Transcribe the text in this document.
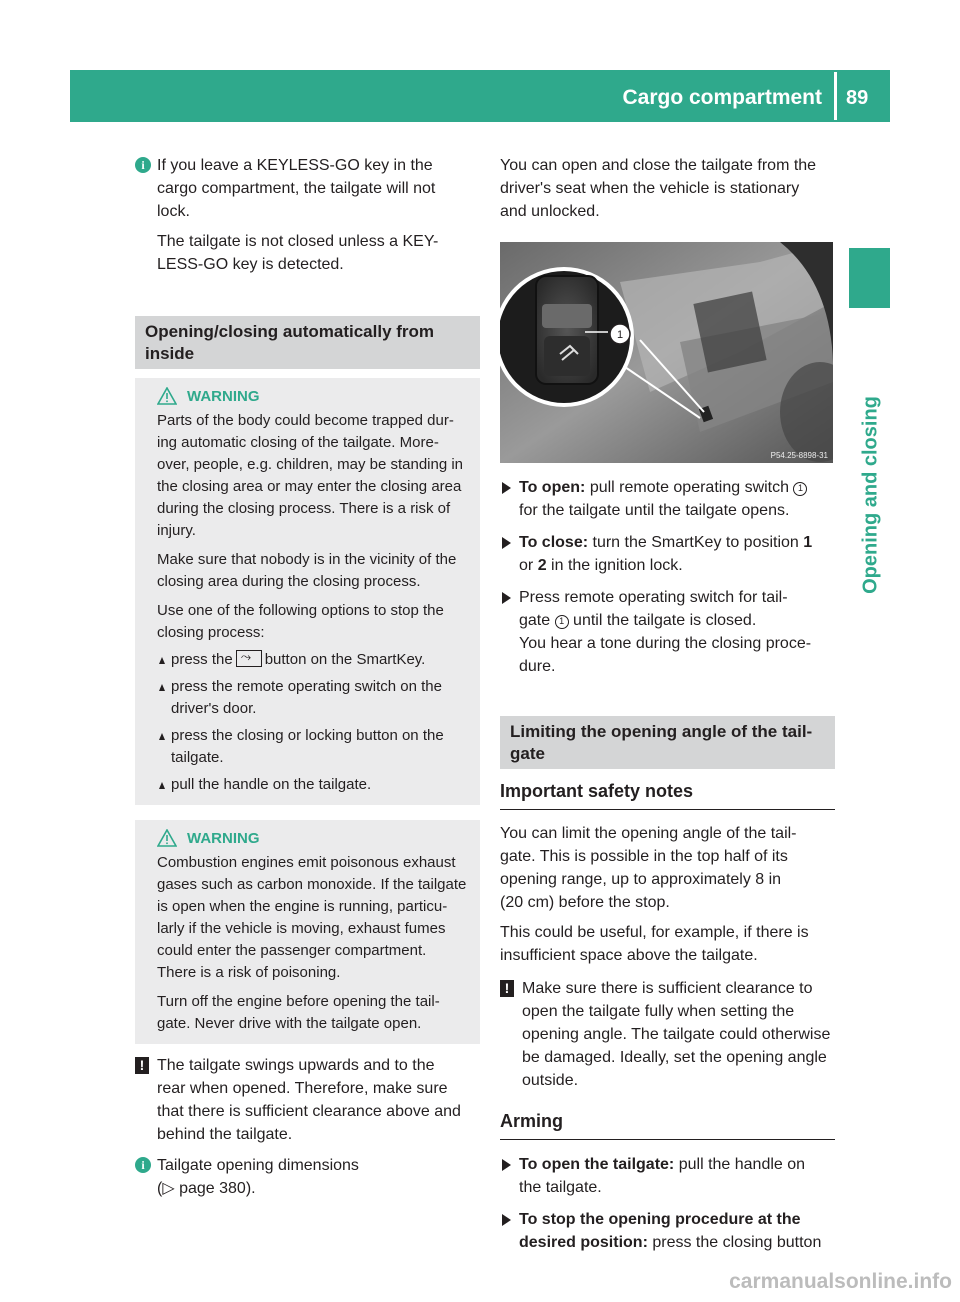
Cargo compartment 89
Opening and closing
i If you leave a KEYLESS-GO key in the
cargo compartment, the tailgate will not
lock.
The tailgate is not closed unless a KEY-
LESS-GO key is detected.
Opening/closing automatically from
inside
WARNING
Parts of the body could become trapped dur-
ing automatic closing of the tailgate. More-
over, people, e.g. children, may be standing in
the closing area or may enter the closing area
during the closing process. There is a risk of
injury.
Make sure that nobody is in the vicinity of the
closing area during the closing process.
Use one of the following options to stop the
closing process:
press the⤳ button on the SmartKey.
press the remote operating switch on the
driver's door.
press the closing or locking button on the
tailgate.
pull the handle on the tailgate.
WARNING
Combustion engines emit poisonous exhaust
gases such as carbon monoxide. If the tailgate
is open when the engine is running, particu-
larly if the vehicle is moving, exhaust fumes
could enter the passenger compartment.
There is a risk of poisoning.
Turn off the engine before opening the tail-
gate. Never drive with the tailgate open.
! The tailgate swings upwards and to the
rear when opened. Therefore, make sure
that there is sufficient clearance above and
behind the tailgate.
i Tailgate opening dimensions
(▷ page 380).
You can open and close the tailgate from the
driver's seat when the vehicle is stationary
and unlocked.
1
P54.25-8898-31
To open: pull remote operating switch 1
for the tailgate until the tailgate opens.
To close: turn the SmartKey to position 1
or 2 in the ignition lock.
Press remote operating switch for tail-
gate 1 until the tailgate is closed.
You hear a tone during the closing proce-
dure.
Limiting the opening angle of the tail-
gate
Important safety notes
You can limit the opening angle of the tail-
gate. This is possible in the top half of its
opening range, up to approximately 8 in
(20 cm) before the stop.
This could be useful, for example, if there is
insufficient space above the tailgate.
! Make sure there is sufficient clearance to
open the tailgate fully when setting the
opening angle. The tailgate could otherwise
be damaged. Ideally, set the opening angle
outside.
Arming
To open the tailgate: pull the handle on
the tailgate.
To stop the opening procedure at the
desired position: press the closing button
carmanualsonline.info
